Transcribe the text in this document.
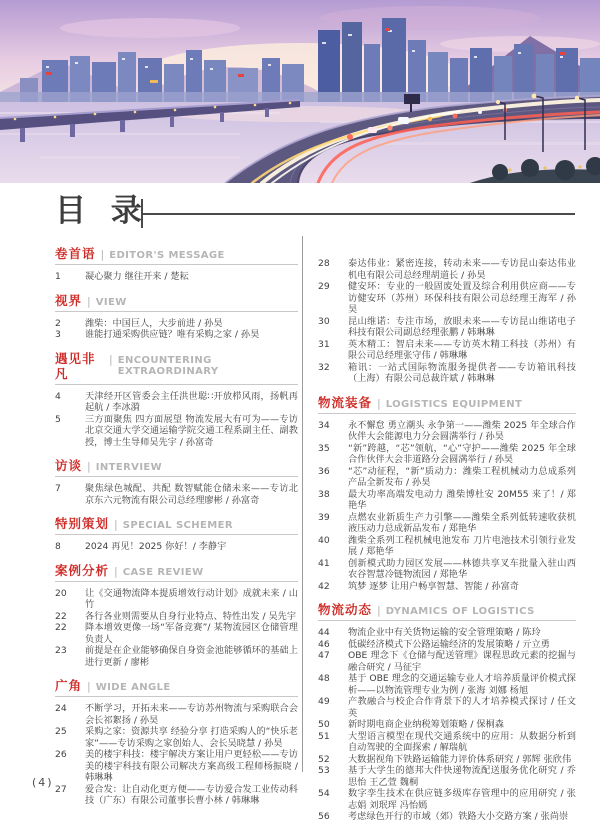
目 录
卷首语 | EDITOR'S MESSAGE
1	凝心聚力 继往开来 / 楚耘
视界 | VIEW
2	潍柴：中国巨人，大步前进 / 孙昊
3	谁能打通采购供应链？唯有采购之家 / 孙昊
遇见非凡
| ENCOUNTERING EXTRAORDINARY
4	天津经开区管委会主任洪世聪∷开放栉风雨，扬帆再起航 / 李冰漪
5	三方面聚焦 四方面展望 物流发展大有可为——专访北京交通大学交通运输学院交通工程系副主任、副教授，博士生导师吴先宇 / 孙富奇
访谈 | INTERVIEW
7	聚焦绿色城配、共配 数智赋能仓储未来——专访北京东六元物流有限公司总经理廖彬 / 孙富奇
特别策划 | SPECIAL SCHEMER
8	2024 再见！2025 你好！/ 李静宇
案例分析 | CASE REVIEW
20	让《交通物流降本提质增效行动计划》成就未来 / 山竹
22	各行各业则需要从自身行业特点、特性出发 / 吴先宇
22	降本增效更像一场“军备竞赛”/ 某物流园区仓储管理负责人
23	前提是在企业能够确保自身资金池能够循环的基础上进行更新 / 廖彬
广角 | WIDE ANGLE
24	不断学习，开拓未来——专访苏州物流与采购联合会会长祁絮扬 / 孙昊
25	采购之家：资源共享 经验分享 打造采购人的“快乐老家”——专访采购之家创始人、会长吴晓慧 / 孙昊
26	美的楼宇科技：楼宇解决方案让用户更轻松——专访美的楼宇科技有限公司解决方案高级工程师杨振晓 / 韩琳琳
27	爱合发：让自动化更方便——专访爱合发工业传动科技（广东）有限公司董事长曹小林 / 韩琳琳
28	泰达伟业：紧密连接，转动未来——专访昆山泰达伟业机电有限公司总经理胡道长 / 孙昊
29	健安环：专业的一般固废处置及综合利用供应商——专访健安环（苏州）环保科技有限公司总经理王海军 / 孙昊
30	昆山维诺：专注市场，放眼未来——专访昆山维诺电子科技有限公司副总经理张鹏 / 韩琳琳
31	英木精工：智启未来——专访英木精工科技（苏州）有限公司总经理张守伟 / 韩琳琳
32	箱讯：一站式国际物流服务提供者——专访箱讯科技（上海）有限公司总裁许斌 / 韩琳琳
物流装备 | LOGISTICS EQUIPMENT
34	永不懈怠 勇立潮头 永争第一——潍柴 2025 年全球合作伙伴大会能源电力分会圆满举行 / 孙昊
35	“新”跨越，“芯”领航，“心”守护——潍柴 2025 年全球合作伙伴大会非道路分会圆满举行 / 孙昊
36	“芯”动征程，“新”质动力：潍柴工程机械动力总成系列产品全新发布 / 孙昊
38	最大功率高端发电动力 潍柴博杜安 20M55 来了！/ 郑艳华
39	点燃农业新质生产力引擎——潍柴全系列低转速收获机液压动力总成新品发布 / 郑艳华
40	潍柴全系列工程机械电池发布 刀片电池技术引领行业发展 / 郑艳华
41	创新模式助力园区发展——林德共享叉车批量入驻山西农谷智慧冷链物流园 / 郑艳华
42	筑梦 逐梦 让用户畅享智慧、智能 / 孙富奇
物流动态 | DYNAMICS OF LOGISTICS
44	物流企业中有关货物运输的安全管理策略 / 陈玲
46	低碳经济模式下公路运输经济的发展策略 / 亓立勇
47	OBE 理念下《仓储与配送管理》课程思政元素的挖掘与融合研究 / 马征宇
48	基于 OBE 理念的交通运输专业人才培养质量评价模式探析——以物流管理专业为例 / 张海 刘娜 杨旭
49	产教融合与校企合作背景下的人才培养模式探讨 / 任文英
50	新时期电商企业纳税筹划策略 / 保桐森
51	大型语言模型在现代交通系统中的应用：从数据分析到自动驾驶的全面探索 / 解瑞航
52	大数据视角下铁路运输能力评价体系研究 / 郭辉 张欣伟
53	基于大学生的德邦大件快递物流配送服务优化研究 / 乔思怡 王乙萱 魏桐
54	数字孪生技术在供应链多级库存管理中的应用研究 / 张志娟 刘珉珲 冯怡嫣
56	考虑绿色开行的市域（郊）铁路大小交路方案 / 张尚崇
(4)
